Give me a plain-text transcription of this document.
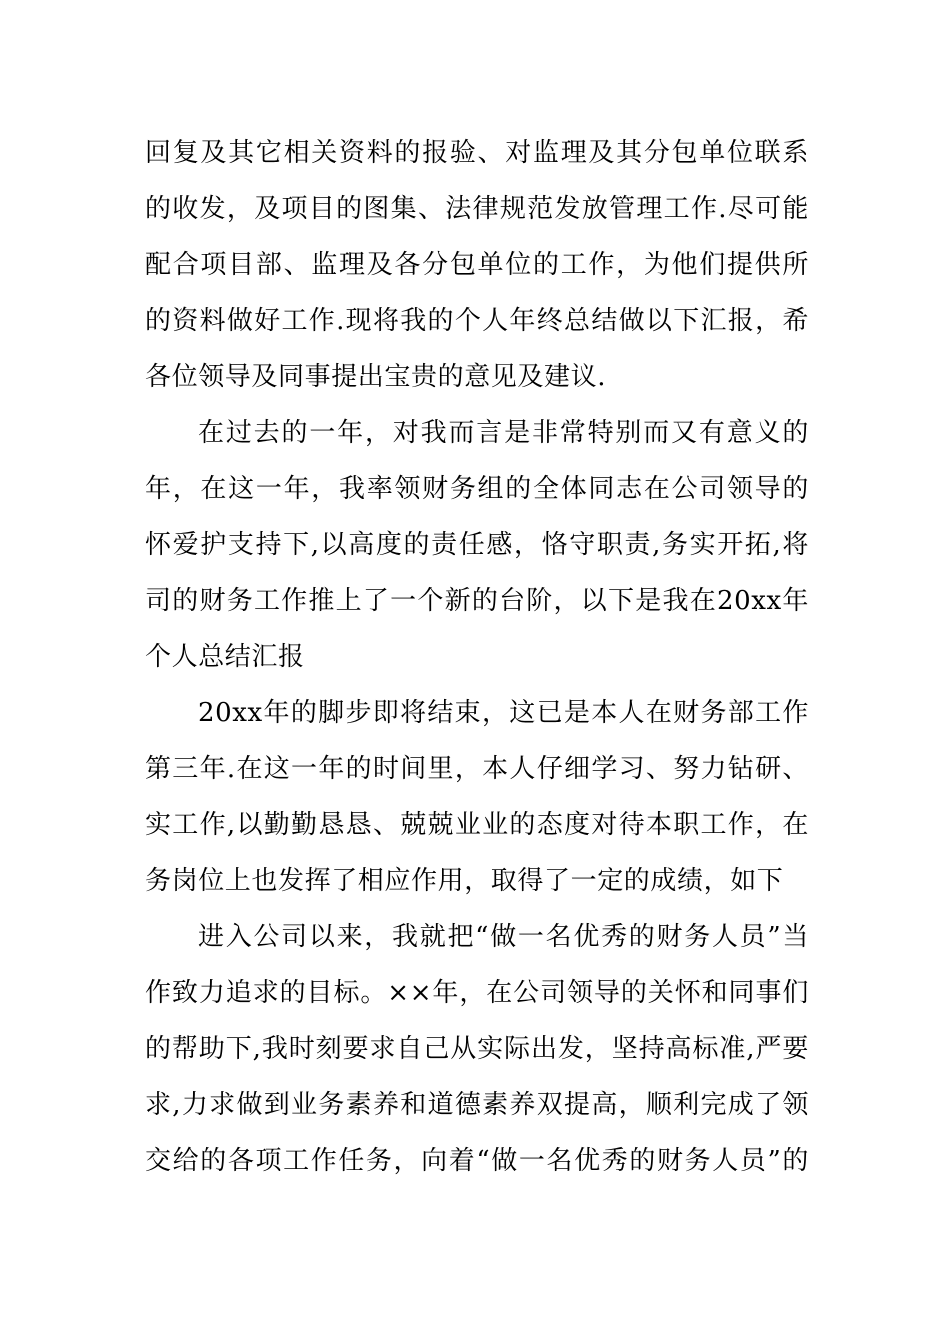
回复及其它相关资料的报验、对监理及其分包单位联系
的收发，及项目的图集、法律规范发放管理工作.尽可能
配合项目部、监理及各分包单位的工作，为他们提供所
的资料做好工作.现将我的个人年终总结做以下汇报，希
各位领导及同事提出宝贵的意见及建议.
在过去的一年，对我而言是非常特别而又有意义的
年，在这一年，我率领财务组的全体同志在公司领导的
怀爱护支持下,以高度的责任感，恪守职责,务实开拓,将
司的财务工作推上了一个新的台阶，以下是我在20xx年
个人总结汇报
20xx年的脚步即将结束，这已是本人在财务部工作
第三年.在这一年的时间里，本人仔细学习、努力钻研、
实工作,以勤勤恳恳、兢兢业业的态度对待本职工作，在
务岗位上也发挥了相应作用，取得了一定的成绩，如下
进入公司以来，我就把“做一名优秀的财务人员”当
作致力追求的目标。××年，在公司领导的关怀和同事们
的帮助下,我时刻要求自己从实际出发，坚持高标准,严要
求,力求做到业务素养和道德素养双提高，顺利完成了领
交给的各项工作任务，向着“做一名优秀的财务人员”的
